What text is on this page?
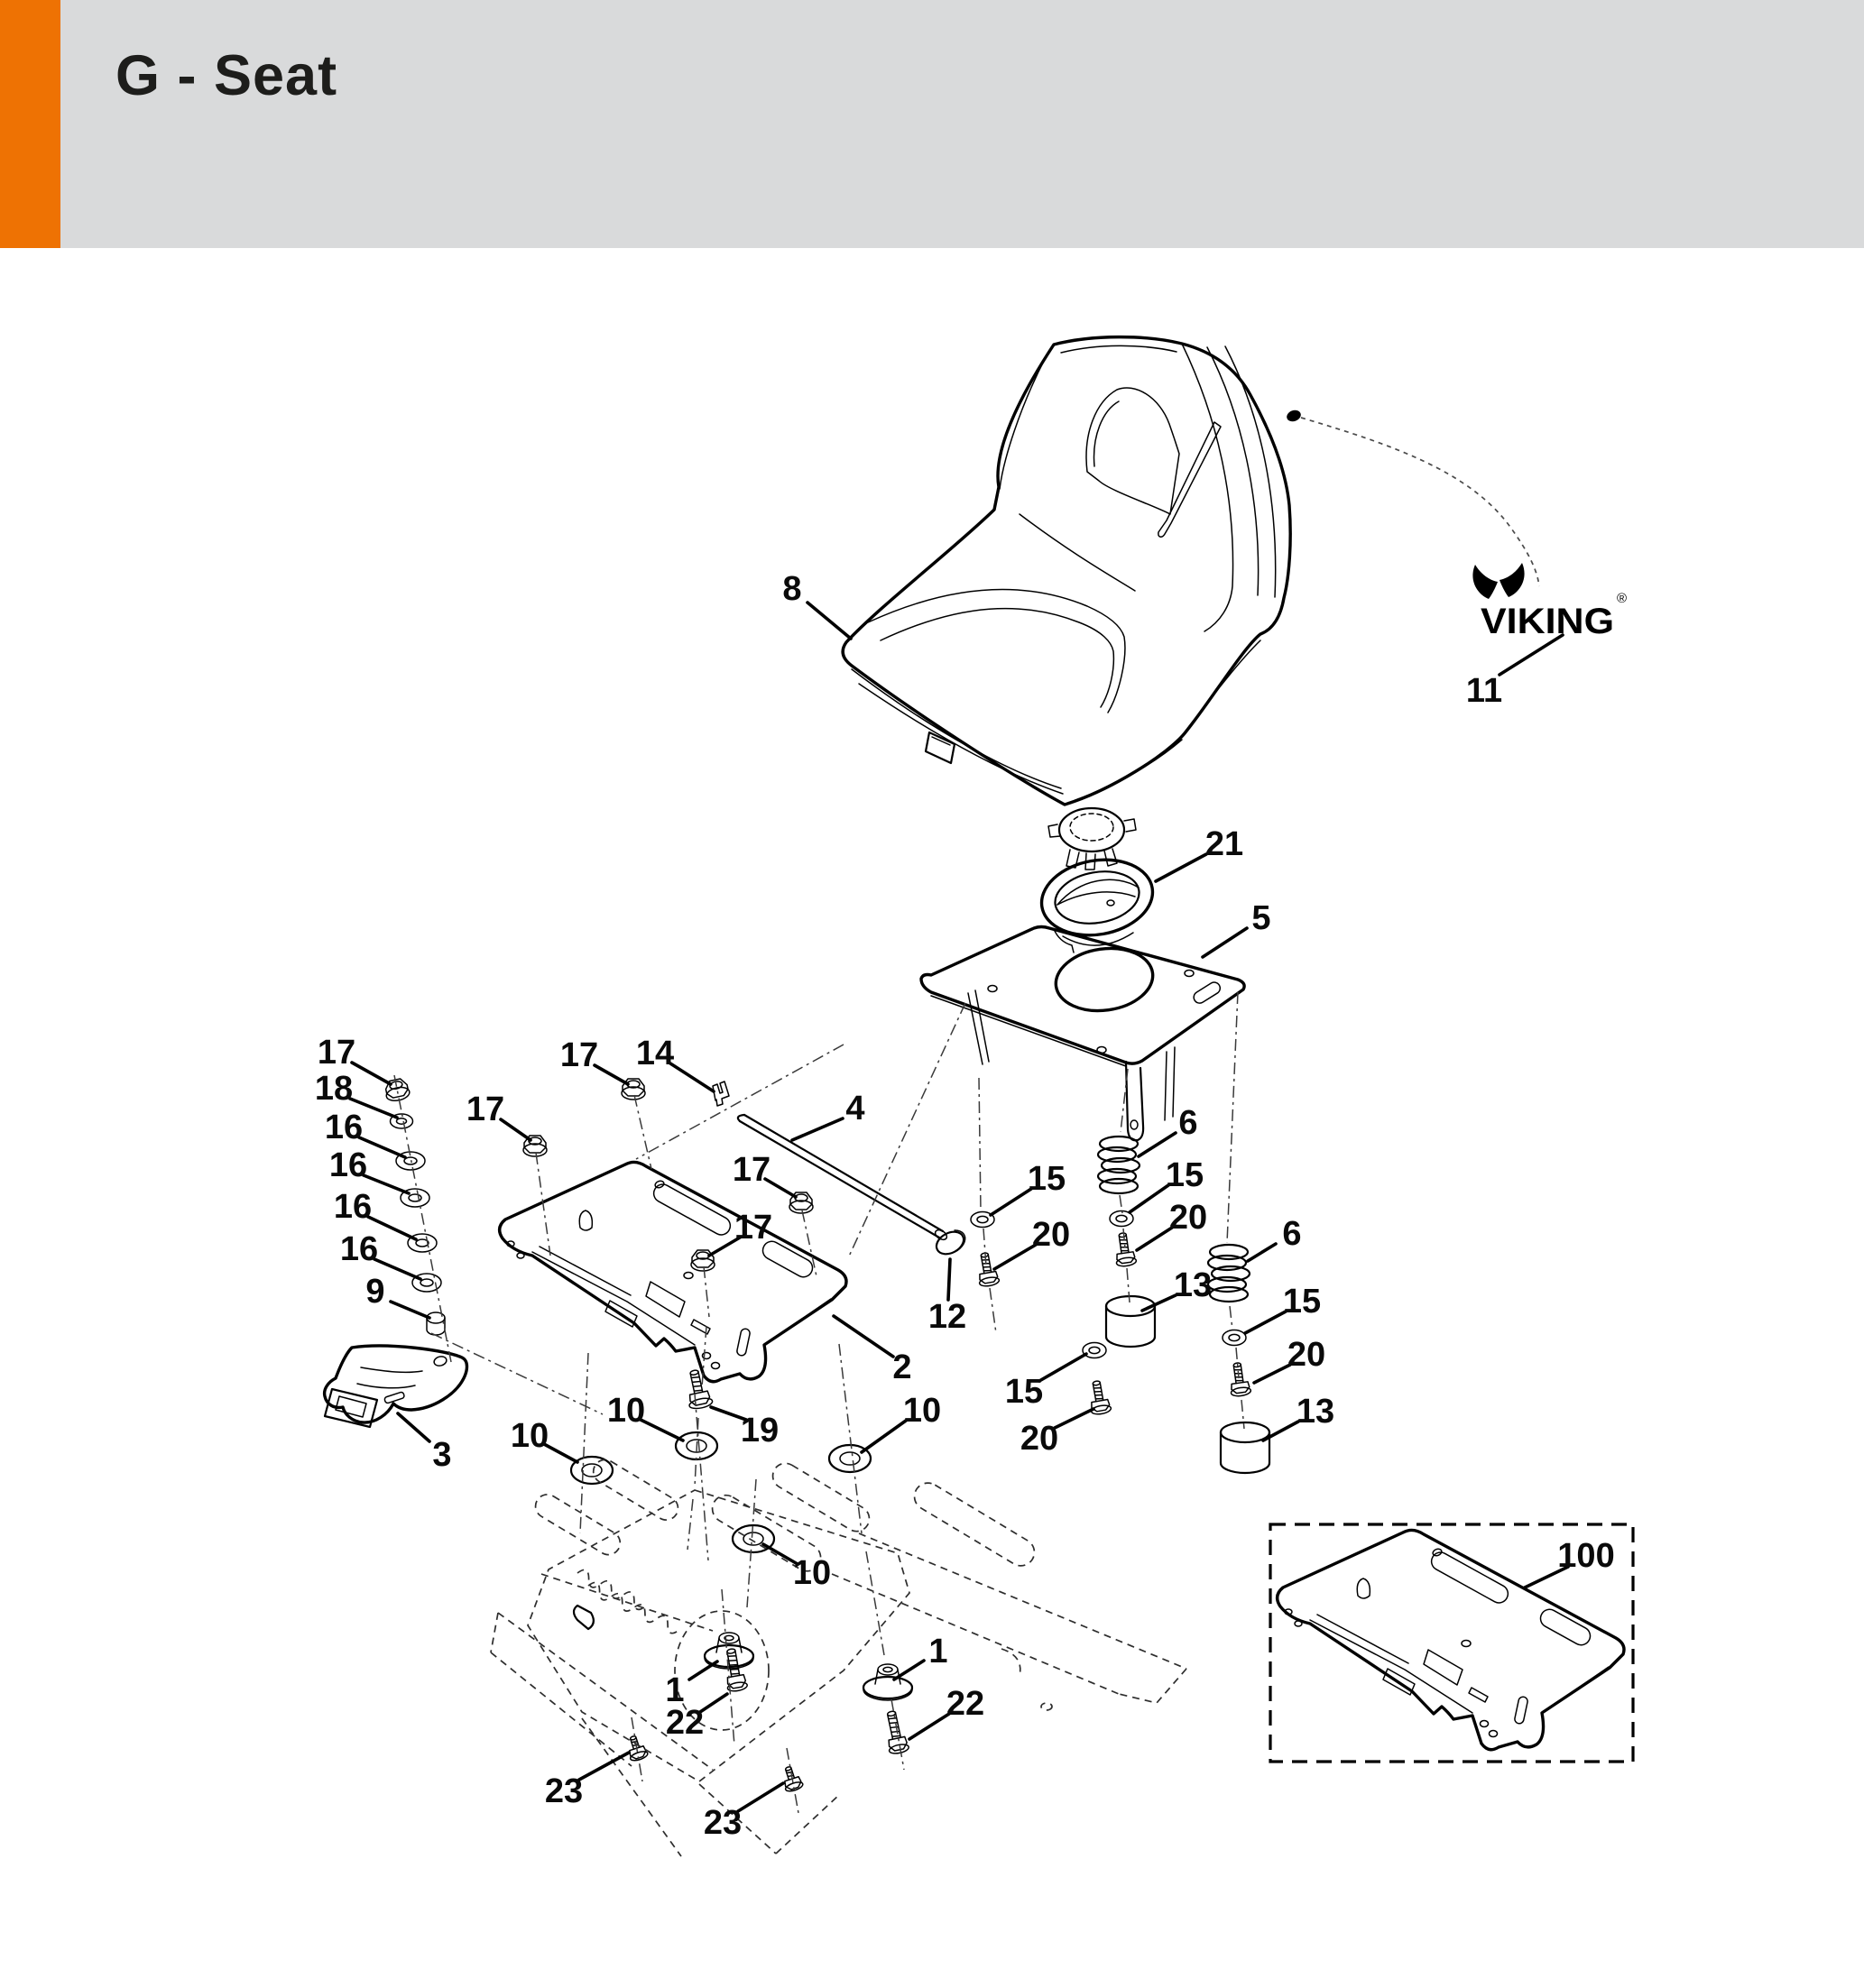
G - Seat
VIKING
®
8
11
21
5
17
18
16
16
16
16
9
3
17
17 14
4
17
17
2
12
6
15
20
13
15
20 6
15
20
13
15
20
10
10
19
10
10
1
22
1
22
23
23
100
